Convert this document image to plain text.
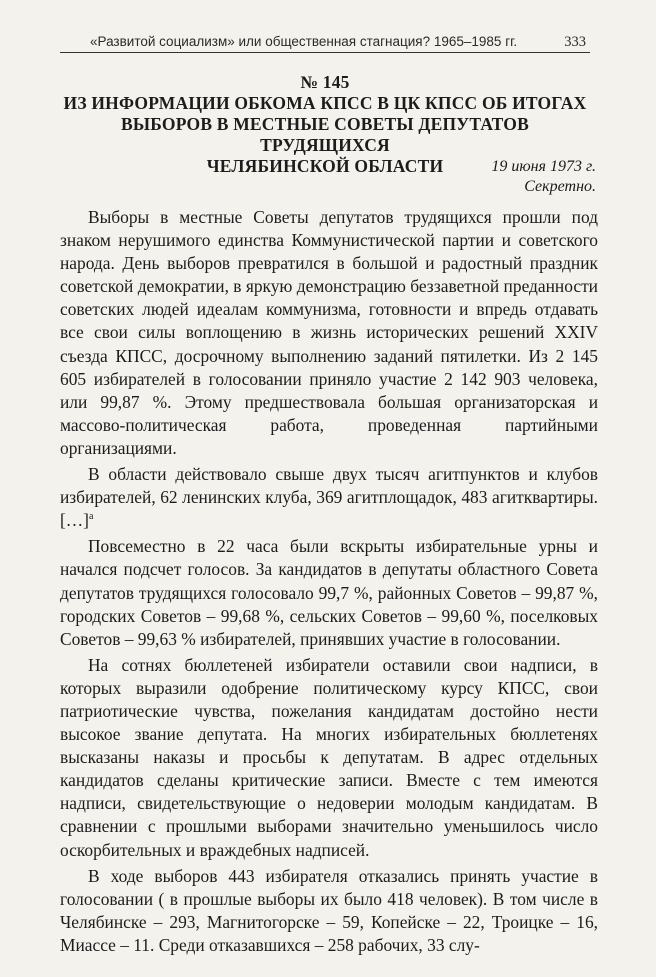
«Развитой социализм» или общественная стагнация? 1965–1985 гг.	333
№ 145
ИЗ ИНФОРМАЦИИ ОБКОМА КПСС В ЦК КПСС ОБ ИТОГАХ
ВЫБОРОВ В МЕСТНЫЕ СОВЕТЫ ДЕПУТАТОВ ТРУДЯЩИХСЯ
ЧЕЛЯБИНСКОЙ ОБЛАСТИ	19 июня 1973 г.
Секретно.

Выборы в местные Советы депутатов трудящихся прошли под знаком нерушимого единства Коммунистической партии и советского народа. День выборов превратился в большой и радостный праздник советской демократии, в яркую демонстрацию беззаветной преданности советских людей идеалам коммунизма, готовности и впредь отдавать все свои силы воплощению в жизнь исторических решений XXIV съезда КПСС, досрочному выполнению заданий пятилетки. Из 2 145 605 избирателей в голосовании приняло участие 2 142 903 человека, или 99,87 %. Этому предшествовала большая организаторская и массово-политическая работа, проведенная партийными организациями.

В области действовало свыше двух тысяч агитпунктов и клубов избирателей, 62 ленинских клуба, 369 агитплощадок, 483 агитквартиры. […]$^а$

Повсеместно в 22 часа были вскрыты избирательные урны и начался подсчет голосов. За кандидатов в депутаты областного Совета депутатов трудящихся голосовало 99,7 %, районных Советов – 99,87 %, городских Советов – 99,68 %, сельских Советов – 99,60 %, поселковых Советов – 99,63 % избирателей, принявших участие в голосовании.

На сотнях бюллетеней избиратели оставили свои надписи, в которых выразили одобрение политическому курсу КПСС, свои патриотические чувства, пожелания кандидатам достойно нести высокое звание депутата. На многих избирательных бюллетенях высказаны наказы и просьбы к депутатам. В адрес отдельных кандидатов сделаны критические записи. Вместе с тем имеются надписи, свидетельствующие о недоверии молодым кандидатам. В сравнении с прошлыми выборами значительно уменьшилось число оскорбительных и враждебных надписей.

В ходе выборов 443 избирателя отказались принять участие в голосовании ( в прошлые выборы их было 418 человек). В том числе в Челябинске – 293, Магнитогорске – 59, Копейске – 22, Троицке – 16, Миассе – 11. Среди отказавшихся – 258 рабочих, 33 слу-
